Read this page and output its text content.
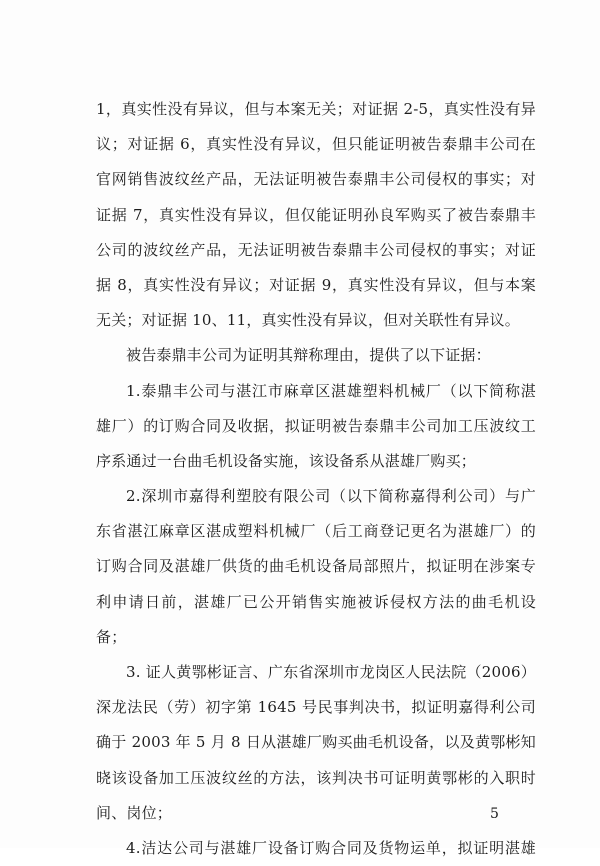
1，真实性没有异议，但与本案无关；对证据 2-5，真实性没有异
议；对证据 6，真实性没有异议，但只能证明被告泰鼎丰公司在
官网销售波纹丝产品，无法证明被告泰鼎丰公司侵权的事实；对
证据 7，真实性没有异议，但仅能证明孙良军购买了被告泰鼎丰
公司的波纹丝产品，无法证明被告泰鼎丰公司侵权的事实；对证
据 8，真实性没有异议；对证据 9，真实性没有异议，但与本案
无关；对证据 10、11，真实性没有异议，但对关联性有异议。
被告泰鼎丰公司为证明其辩称理由，提供了以下证据：
1.泰鼎丰公司与湛江市麻章区湛雄塑料机械厂（以下简称湛
雄厂）的订购合同及收据，拟证明被告泰鼎丰公司加工压波纹工
序系通过一台曲毛机设备实施，该设备系从湛雄厂购买；
2.深圳市嘉得利塑胶有限公司（以下简称嘉得利公司）与广
东省湛江麻章区湛成塑料机械厂（后工商登记更名为湛雄厂）的
订购合同及湛雄厂供货的曲毛机设备局部照片，拟证明在涉案专
利申请日前，湛雄厂已公开销售实施被诉侵权方法的曲毛机设
备；
3. 证人黄鄂彬证言、广东省深圳市龙岗区人民法院（2006）
深龙法民（劳）初字第 1645 号民事判决书，拟证明嘉得利公司
确于 2003 年 5 月 8 日从湛雄厂购买曲毛机设备，以及黄鄂彬知
晓该设备加工压波纹丝的方法，该判决书可证明黄鄂彬的入职时
间、岗位；
4.洁达公司与湛雄厂设备订购合同及货物运单，拟证明湛雄
5
